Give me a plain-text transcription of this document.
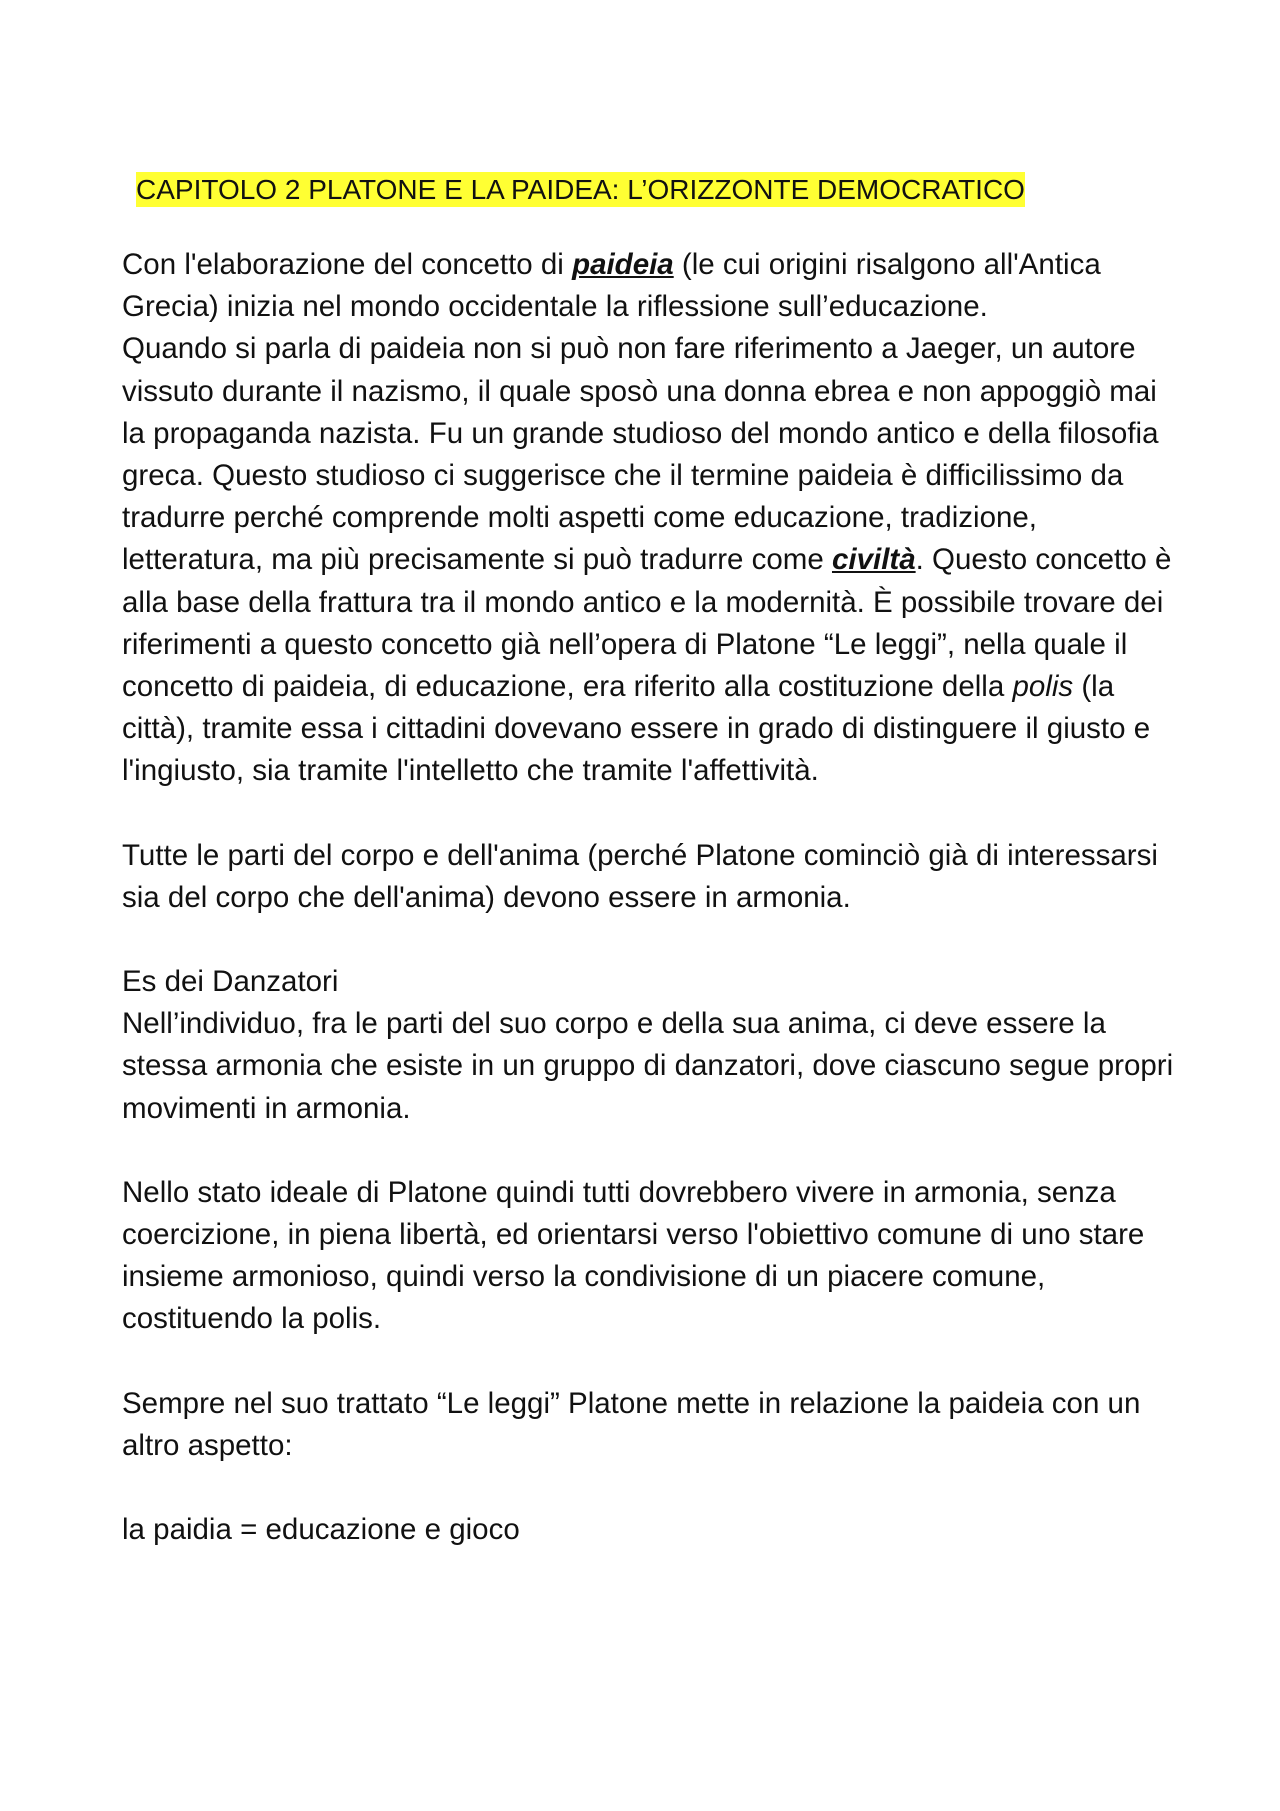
CAPITOLO 2 PLATONE E LA PAIDEA: L’ORIZZONTE DEMOCRATICO

Con l'elaborazione del concetto di paideia (le cui origini risalgono all'Antica Grecia) inizia nel mondo occidentale la riflessione sull’educazione.

Quando si parla di paideia non si può non fare riferimento a Jaeger, un autore vissuto durante il nazismo, il quale sposò una donna ebrea e non appoggiò mai la propaganda nazista. Fu un grande studioso del mondo antico e della filosofia greca. Questo studioso ci suggerisce che il termine paideia è difficilissimo da tradurre perché comprende molti aspetti come educazione, tradizione, letteratura, ma più precisamente si può tradurre come civiltà. Questo concetto è alla base della frattura tra il mondo antico e la modernità. È possibile trovare dei riferimenti a questo concetto già nell’opera di Platone “Le leggi”, nella quale il concetto di paideia, di educazione, era riferito alla costituzione della polis (la città), tramite essa i cittadini dovevano essere in grado di distinguere il giusto e l'ingiusto, sia tramite l'intelletto che tramite l'affettività.

Tutte le parti del corpo e dell'anima (perché Platone cominciò già di interessarsi sia del corpo che dell'anima) devono essere in armonia.

Es dei Danzatori

Nell’individuo, fra le parti del suo corpo e della sua anima, ci deve essere la stessa armonia che esiste in un gruppo di danzatori, dove ciascuno segue propri movimenti in armonia.

Nello stato ideale di Platone quindi tutti dovrebbero vivere in armonia, senza coercizione, in piena libertà, ed orientarsi verso l'obiettivo comune di uno stare insieme armonioso, quindi verso la condivisione di un piacere comune, costituendo la polis.

Sempre nel suo trattato “Le leggi” Platone mette in relazione la paideia con un altro aspetto:

la paidia = educazione e gioco
